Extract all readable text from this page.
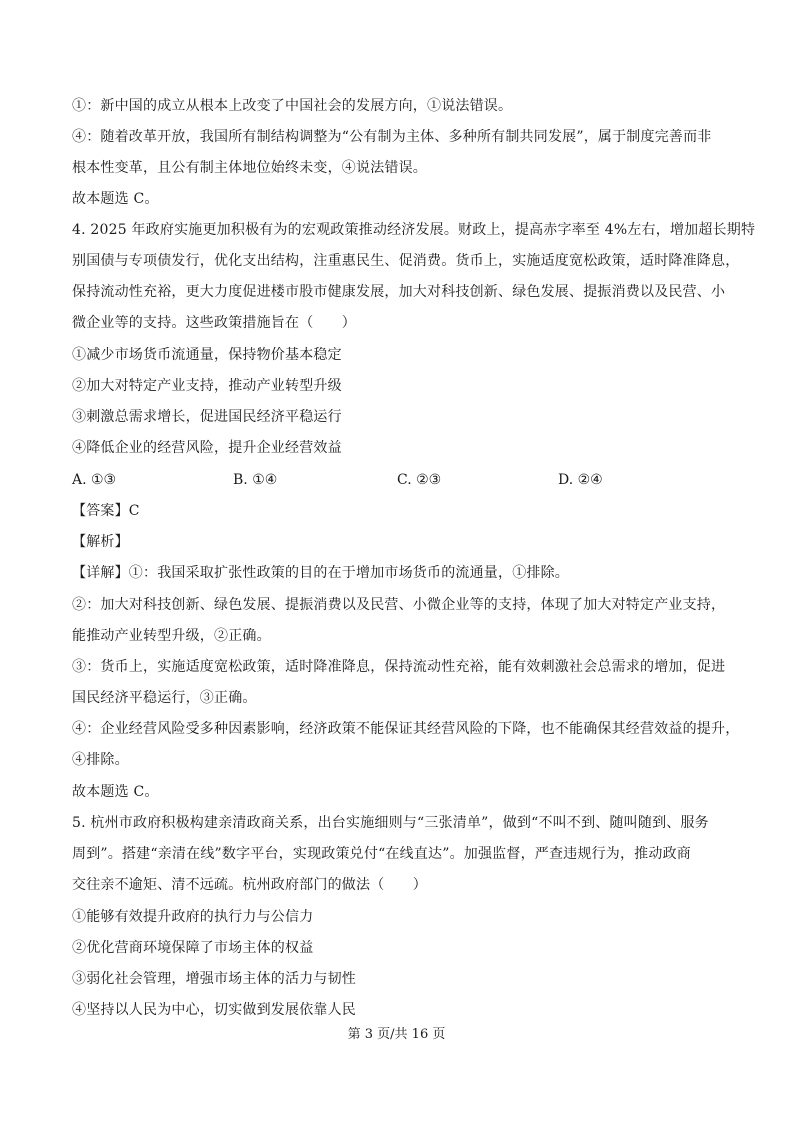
①：新中国的成立从根本上改变了中国社会的发展方向，①说法错误。
④：随着改革开放，我国所有制结构调整为“公有制为主体、多种所有制共同发展”，属于制度完善而非
根本性变革，且公有制主体地位始终未变，④说法错误。
故本题选 C。
4. 2025 年政府实施更加积极有为的宏观政策推动经济发展。财政上，提高赤字率至 4%左右，增加超长期特
别国债与专项债发行，优化支出结构，注重惠民生、促消费。货币上，实施适度宽松政策，适时降准降息，
保持流动性充裕，更大力度促进楼市股市健康发展，加大对科技创新、绿色发展、提振消费以及民营、小
微企业等的支持。这些政策措施旨在（　　）
①减少市场货币流通量，保持物价基本稳定
②加大对特定产业支持，推动产业转型升级
③刺激总需求增长，促进国民经济平稳运行
④降低企业的经营风险，提升企业经营效益
A. ①③	B. ①④	C. ②③	D. ②④
【答案】C
【解析】
【详解】①：我国采取扩张性政策的目的在于增加市场货币的流通量，①排除。
②：加大对科技创新、绿色发展、提振消费以及民营、小微企业等的支持，体现了加大对特定产业支持，
能推动产业转型升级，②正确。
③：货币上，实施适度宽松政策，适时降准降息，保持流动性充裕，能有效刺激社会总需求的增加，促进
国民经济平稳运行，③正确。
④：企业经营风险受多种因素影响，经济政策不能保证其经营风险的下降，也不能确保其经营效益的提升，
④排除。
故本题选 C。
5. 杭州市政府积极构建亲清政商关系，出台实施细则与“三张清单”，做到“不叫不到、随叫随到、服务
周到”。搭建“亲清在线”数字平台，实现政策兑付“在线直达”。加强监督，严查违规行为，推动政商
交往亲不逾矩、清不远疏。杭州政府部门的做法（　　）
①能够有效提升政府的执行力与公信力
②优化营商环境保障了市场主体的权益
③弱化社会管理，增强市场主体的活力与韧性
④坚持以人民为中心，切实做到发展依靠人民
第 3 页/共 16 页
